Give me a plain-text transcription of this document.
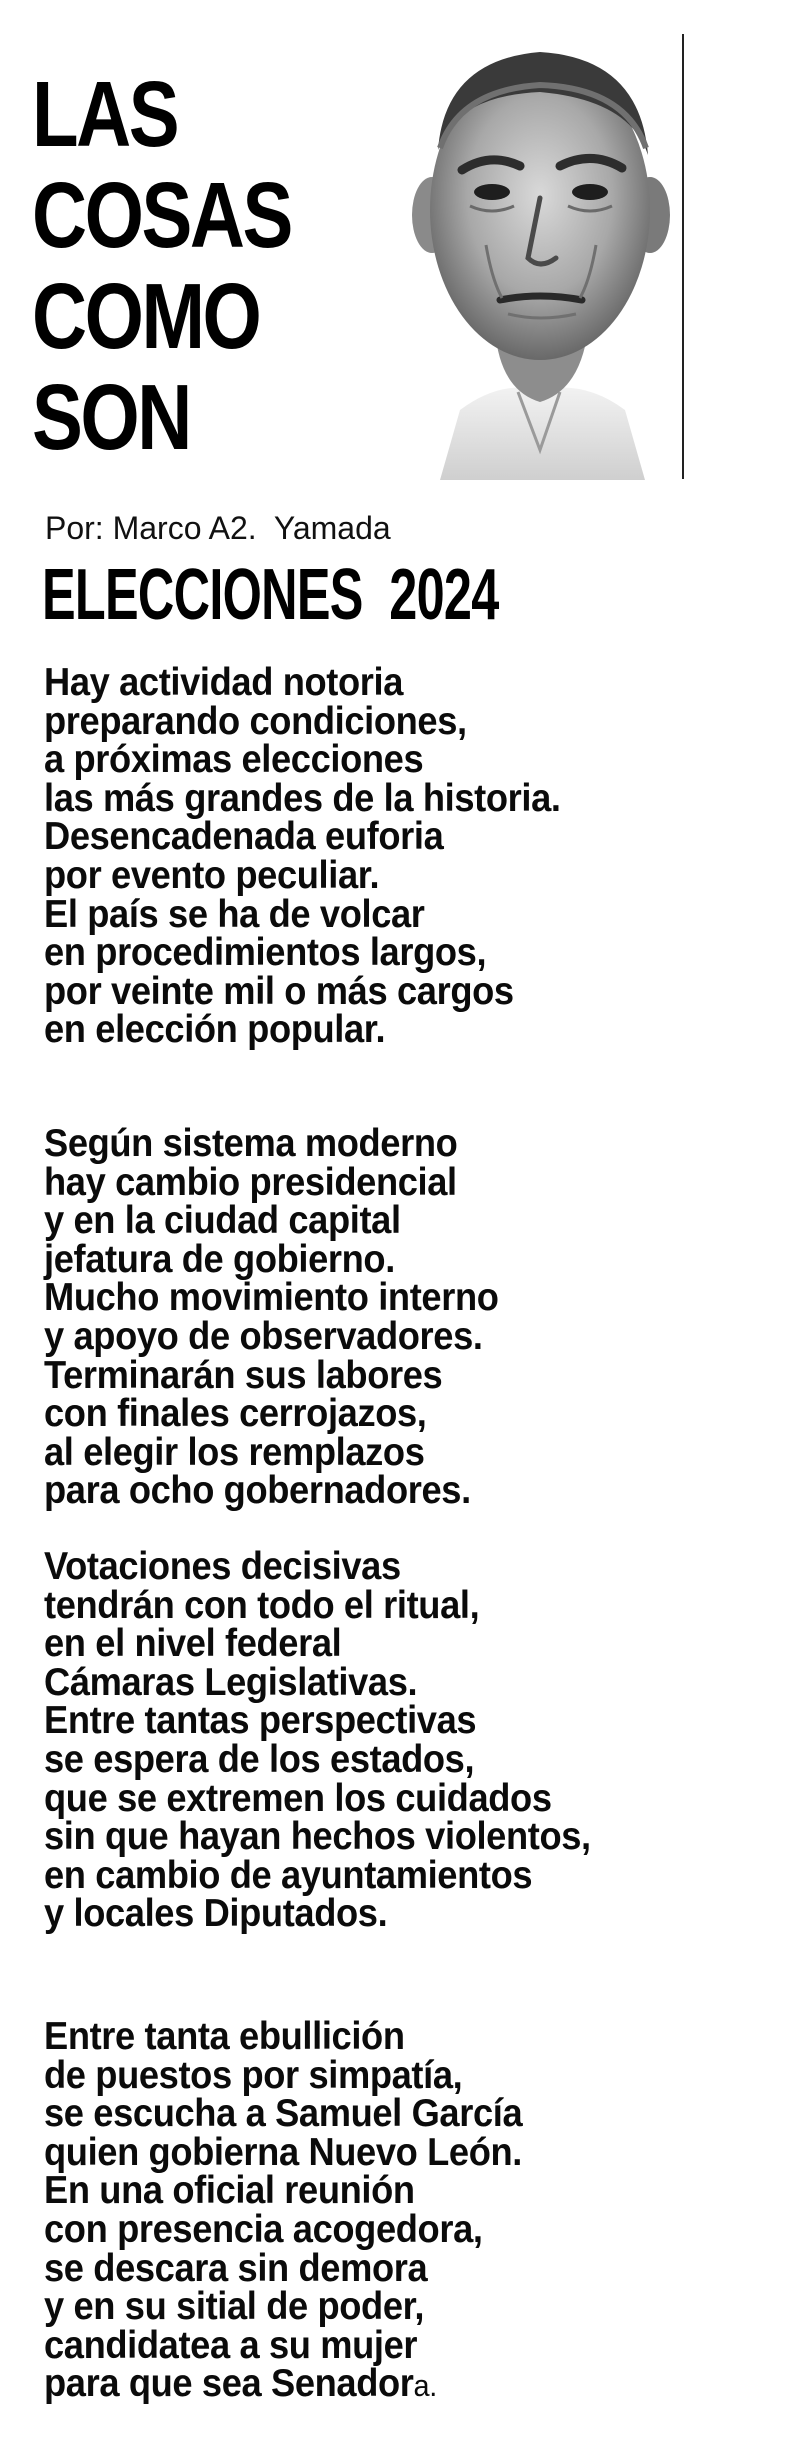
LAS
COSAS
COMO
SON
Por: Marco A2.  Yamada
ELECCIONES  2024
Hay actividad notoria
preparando condiciones,
a próximas elecciones
las más grandes de la historia.
Desencadenada euforia
por evento peculiar.
El país se ha de volcar
en procedimientos largos,
por veinte mil o más cargos
en elección popular.
Según sistema moderno
hay cambio presidencial
y en la ciudad capital
jefatura de gobierno.
Mucho movimiento interno
y apoyo de observadores.
Terminarán sus labores
con finales cerrojazos,
al elegir los remplazos
para ocho gobernadores.
Votaciones decisivas
tendrán con todo el ritual,
en el nivel federal
Cámaras Legislativas.
Entre tantas perspectivas
se espera de los estados,
que se extremen los cuidados
sin que hayan hechos violentos,
en cambio de ayuntamientos
y locales Diputados.
Entre tanta ebullición
de puestos por simpatía,
se escucha a Samuel García
quien gobierna Nuevo León.
En una oficial reunión
con presencia acogedora,
se descara sin demora
y en su sitial de poder,
candidatea a su mujer
para que sea Senadora.
